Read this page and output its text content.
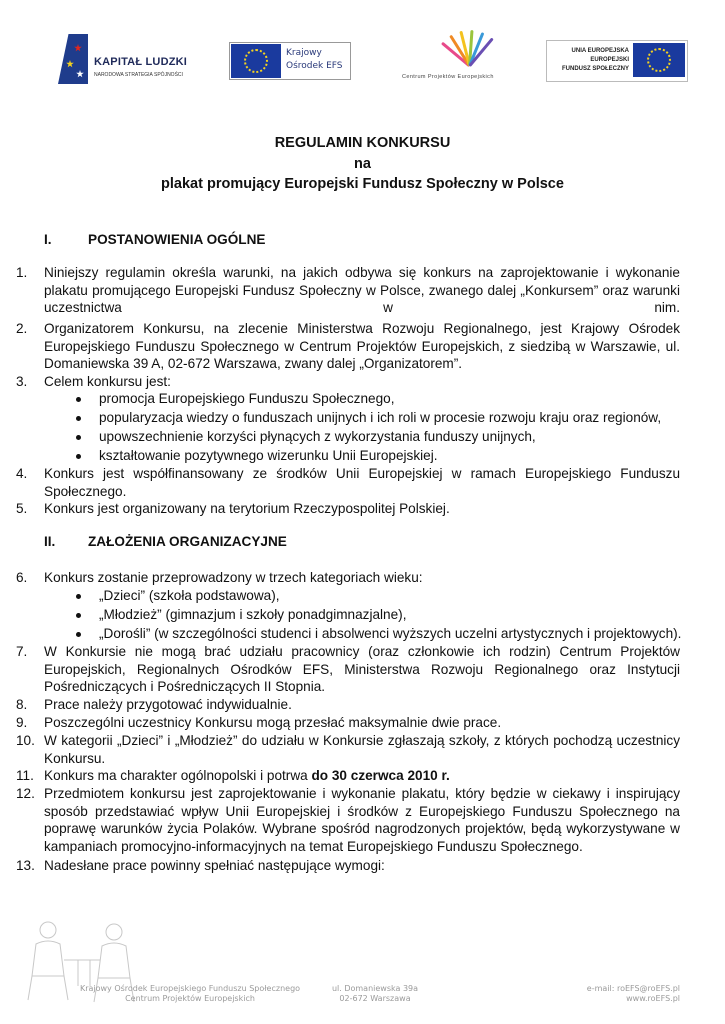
KAPITAŁ LUDZKI
NARODOWA STRATEGIA SPÓJNOŚCI
Krajowy
Ośrodek EFS
Centrum Projektów Europejskich
UNIA EUROPEJSKA
EUROPEJSKI
FUNDUSZ SPOŁECZNY
REGULAMIN KONKURSU
na
plakat promujący Europejski Fundusz Społeczny w Polsce
I.	POSTANOWIENIA OGÓLNE
1. Niniejszy regulamin określa warunki, na jakich odbywa się konkurs na zaprojektowanie i wykonanie plakatu promującego Europejski Fundusz Społeczny w Polsce, zwanego dalej „Konkursem” oraz warunki uczestnictwa w nim.
2. Organizatorem Konkursu, na zlecenie Ministerstwa Rozwoju Regionalnego, jest Krajowy Ośrodek Europejskiego Funduszu Społecznego w Centrum Projektów Europejskich, z siedzibą w Warszawie, ul. Domaniewska 39 A, 02-672 Warszawa, zwany dalej „Organizatorem”.
3. Celem konkursu jest:
promocja Europejskiego Funduszu Społecznego,
popularyzacja wiedzy o funduszach unijnych i ich roli w procesie rozwoju kraju oraz regionów,
upowszechnienie korzyści płynących z wykorzystania funduszy unijnych,
kształtowanie pozytywnego wizerunku Unii Europejskiej.
4. Konkurs jest współfinansowany ze środków Unii Europejskiej w ramach Europejskiego Funduszu Społecznego.
5. Konkurs jest organizowany na terytorium Rzeczypospolitej Polskiej.
II. ZAŁOŻENIA ORGANIZACYJNE
6. Konkurs zostanie przeprowadzony w trzech kategoriach wieku:
„Dzieci” (szkoła podstawowa),
„Młodzież” (gimnazjum i szkoły ponadgimnazjalne),
„Dorośli” (w szczególności studenci i absolwenci wyższych uczelni artystycznych i projektowych).
7. W Konkursie nie mogą brać udziału pracownicy (oraz członkowie ich rodzin) Centrum Projektów Europejskich, Regionalnych Ośrodków EFS, Ministerstwa Rozwoju Regionalnego oraz Instytucji Pośredniczących i Pośredniczących II Stopnia.
8. Prace należy przygotować indywidualnie.
9. Poszczególni uczestnicy Konkursu mogą przesłać maksymalnie dwie prace.
10. W kategorii „Dzieci” i „Młodzież” do udziału w Konkursie zgłaszają szkoły, z których pochodzą uczestnicy Konkursu.
11. Konkurs ma charakter ogólnopolski i potrwa do 30 czerwca 2010 r.
12. Przedmiotem konkursu jest zaprojektowanie i wykonanie plakatu, który będzie w ciekawy i inspirujący sposób przedstawiać wpływ Unii Europejskiej i środków z Europejskiego Funduszu Społecznego na poprawę warunków życia Polaków. Wybrane spośród nagrodzonych projektów, będą wykorzystywane w kampaniach promocyjno-informacyjnych na temat Europejskiego Funduszu Społecznego.
13. Nadesłane prace powinny spełniać następujące wymogi:
Krajowy Ośrodek Europejskiego Funduszu Społecznego
Centrum Projektów Europejskich
ul. Domaniewska 39a
02-672 Warszawa
e-mail: roEFS@roEFS.pl
www.roEFS.pl
